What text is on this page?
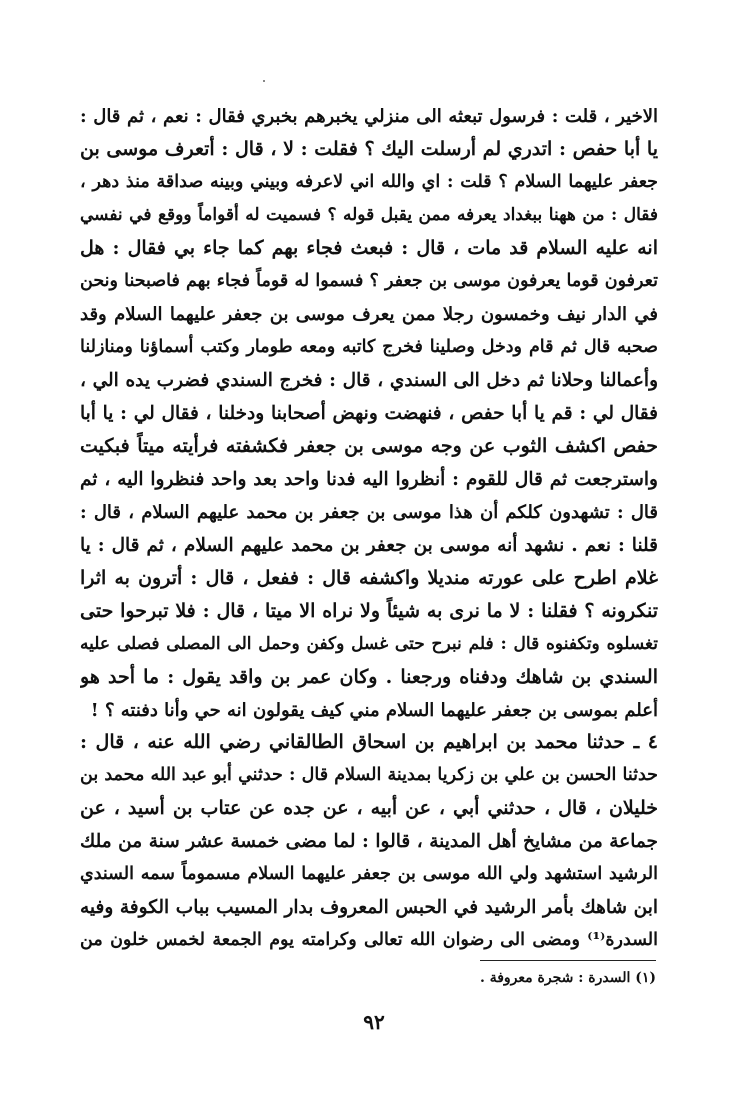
الاخير ، قلت : فرسول تبعثه الى منزلي يخبرهم بخبري فقال : نعم ، ثم قال :
يا أبا حفص : اتدري لم أرسلت اليك ؟ فقلت : لا ، قال : أتعرف موسى بن
جعفر عليهما السلام ؟ قلت : اي والله اني لاعرفه وبيني وبينه صداقة منذ دهر ،
فقال : من ههنا ببغداد يعرفه ممن يقبل قوله ؟ فسميت له أقواماً ووقع في نفسي
انه عليه السلام قد مات ، قال : فبعث فجاء بهم كما جاء بي فقال : هل
تعرفون قوما يعرفون موسى بن جعفر ؟ فسموا له قوماً فجاء بهم فاصبحنا ونحن
في الدار نيف وخمسون رجلا ممن يعرف موسى بن جعفر عليهما السلام وقد
صحبه قال ثم قام ودخل وصلينا فخرج كاتبه ومعه طومار وكتب أسماؤنا ومنازلنا
وأعمالنا وحلانا ثم دخل الى السندي ، قال : فخرج السندي فضرب يده الي ،
فقال لي : قم يا أبا حفص ، فنهضت ونهض أصحابنا ودخلنا ، فقال لي : يا أبا
حفص اكشف الثوب عن وجه موسى بن جعفر فكشفته فرأيته ميتاً فبكيت
واسترجعت ثم قال للقوم : أنظروا اليه فدنا واحد بعد واحد فنظروا اليه ، ثم
قال : تشهدون كلكم أن هذا موسى بن جعفر بن محمد عليهم السلام ، قال :
قلنا : نعم . نشهد أنه موسى بن جعفر بن محمد عليهم السلام ، ثم قال : يا
غلام اطرح على عورته منديلا واكشفه قال : ففعل ، قال : أترون به اثرا
تنكرونه ؟ فقلنا : لا ما نرى به شيئاً ولا نراه الا ميتا ، قال : فلا تبرحوا حتى
تغسلوه وتكفنوه قال : فلم نبرح حتى غسل وكفن وحمل الى المصلى فصلى عليه
السندي بن شاهك ودفناه ورجعنا . وكان عمر بن واقد يقول : ما أحد هو
أعلم بموسى بن جعفر عليهما السلام مني كيف يقولون انه حي وأنا دفنته ؟ !
٤ ـ حدثنا محمد بن ابراهيم بن اسحاق الطالقاني رضي الله عنه ، قال :
حدثنا الحسن بن علي بن زكريا بمدينة السلام قال : حدثني أبو عبد الله محمد بن
خليلان ، قال ، حدثني أبي ، عن أبيه ، عن جده عن عتاب بن أسيد ، عن
جماعة من مشايخ أهل المدينة ، قالوا : لما مضى خمسة عشر سنة من ملك
الرشيد استشهد ولي الله موسى بن جعفر عليهما السلام مسموماً سمه السندي
ابن شاهك بأمر الرشيد في الحبس المعروف بدار المسيب بباب الكوفة وفيه
السدرة⁽¹⁾ ومضى الى رضوان الله تعالى وكرامته يوم الجمعة لخمس خلون من
(١) السدرة : شجرة معروفة .
٩٢
